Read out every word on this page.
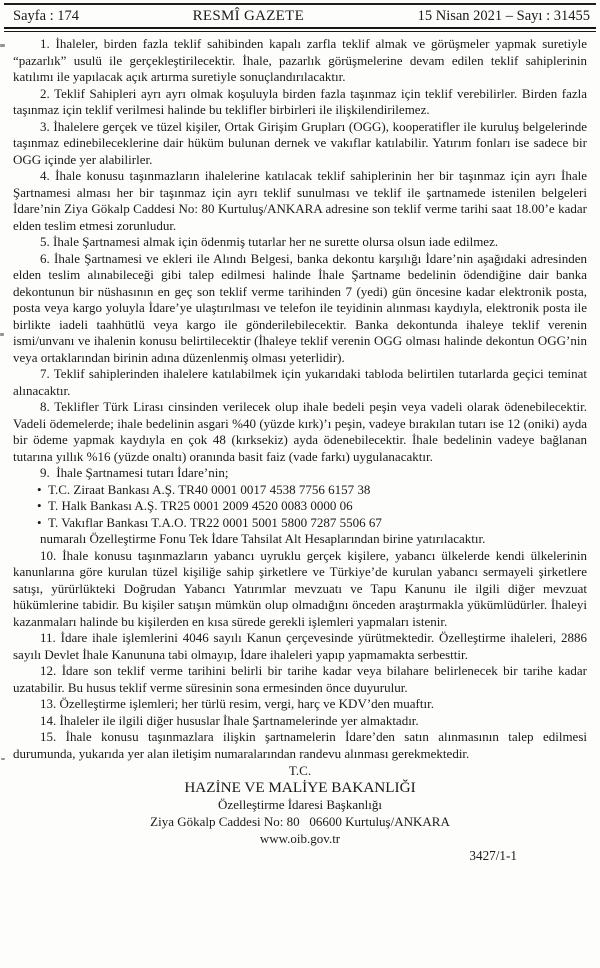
Sayfa : 174	RESMÎ GAZETE	15 Nisan 2021 – Sayı : 31455

1. İhaleler, birden fazla teklif sahibinden kapalı zarfla teklif almak ve görüşmeler yapmak suretiyle “pazarlık” usulü ile gerçekleştirilecektir. İhale, pazarlık görüşmelerine devam edilen teklif sahiplerinin katılımı ile yapılacak açık artırma suretiyle sonuçlandırılacaktır.

2. Teklif Sahipleri ayrı ayrı olmak koşuluyla birden fazla taşınmaz için teklif verebilirler. Birden fazla taşınmaz için teklif verilmesi halinde bu teklifler birbirleri ile ilişkilendirilemez.

3. İhalelere gerçek ve tüzel kişiler, Ortak Girişim Grupları (OGG), kooperatifler ile kuruluş belgelerinde taşınmaz edinebileceklerine dair hüküm bulunan dernek ve vakıflar katılabilir. Yatırım fonları ise sadece bir OGG içinde yer alabilirler.

4. İhale konusu taşınmazların ihalelerine katılacak teklif sahiplerinin her bir taşınmaz için ayrı İhale Şartnamesi alması her bir taşınmaz için ayrı teklif sunulması ve teklif ile şartnamede istenilen belgeleri İdare’nin Ziya Gökalp Caddesi No: 80 Kurtuluş/ANKARA adresine son teklif verme tarihi saat 18.00’e kadar elden teslim etmesi zorunludur.

5. İhale Şartnamesi almak için ödenmiş tutarlar her ne surette olursa olsun iade edilmez.

6. İhale Şartnamesi ve ekleri ile Alındı Belgesi, banka dekontu karşılığı İdare’nin aşağıdaki adresinden elden teslim alınabileceği gibi talep edilmesi halinde İhale Şartname bedelinin ödendiğine dair banka dekontunun bir nüshasının en geç son teklif verme tarihinden 7 (yedi) gün öncesine kadar elektronik posta, posta veya kargo yoluyla İdare’ye ulaştırılması ve telefon ile teyidinin alınması kaydıyla, elektronik posta ile birlikte iadeli taahhütlü veya kargo ile gönderilebilecektir. Banka dekontunda ihaleye teklif verenin ismi/unvanı ve ihalenin konusu belirtilecektir (İhaleye teklif verenin OGG olması halinde dekontun OGG’nin veya ortaklarından birinin adına düzenlenmiş olması yeterlidir).

7. Teklif sahiplerinden ihalelere katılabilmek için yukarıdaki tabloda belirtilen tutarlarda geçici teminat alınacaktır.

8. Teklifler Türk Lirası cinsinden verilecek olup ihale bedeli peşin veya vadeli olarak ödenebilecektir. Vadeli ödemelerde; ihale bedelinin asgari %40 (yüzde kırk)’ı peşin, vadeye bırakılan tutarı ise 12 (oniki) ayda bir ödeme yapmak kaydıyla en çok 48 (kırksekiz) ayda ödenebilecektir. İhale bedelinin vadeye bağlanan tutarına yıllık %16 (yüzde onaltı) oranında basit faiz (vade farkı) uygulanacaktır.

9.  İhale Şartnamesi tutarı İdare’nin;

• T.C. Ziraat Bankası A.Ş. TR40 0001 0017 4538 7756 6157 38

• T. Halk Bankası A.Ş. TR25 0001 2009 4520 0083 0000 06

• T. Vakıflar Bankası T.A.O. TR22 0001 5001 5800 7287 5506 67

numaralı Özelleştirme Fonu Tek İdare Tahsilat Alt Hesaplarından birine yatırılacaktır.

10. İhale konusu taşınmazların yabancı uyruklu gerçek kişilere, yabancı ülkelerde kendi ülkelerinin kanunlarına göre kurulan tüzel kişiliğe sahip şirketlere ve Türkiye’de kurulan yabancı sermayeli şirketlere satışı, yürürlükteki Doğrudan Yabancı Yatırımlar mevzuatı ve Tapu Kanunu ile ilgili diğer mevzuat hükümlerine tabidir. Bu kişiler satışın mümkün olup olmadığını önceden araştırmakla yükümlüdürler. İhaleyi kazanmaları halinde bu kişilerden en kısa sürede gerekli işlemleri yapmaları istenir.

11. İdare ihale işlemlerini 4046 sayılı Kanun çerçevesinde yürütmektedir. Özelleştirme ihaleleri, 2886 sayılı Devlet İhale Kanununa tabi olmayıp, İdare ihaleleri yapıp yapmamakta serbesttir.

12. İdare son teklif verme tarihini belirli bir tarihe kadar veya bilahare belirlenecek bir tarihe kadar uzatabilir. Bu husus teklif verme süresinin sona ermesinden önce duyurulur.

13. Özelleştirme işlemleri; her türlü resim, vergi, harç ve KDV’den muaftır.

14. İhaleler ile ilgili diğer hususlar İhale Şartnamelerinde yer almaktadır.

15. İhale konusu taşınmazlara ilişkin şartnamelerin İdare’den satın alınmasının talep edilmesi durumunda, yukarıda yer alan iletişim numaralarından randevu alınması gerekmektedir.

T.C.

HAZİNE VE MALİYE BAKANLIĞI

Özelleştirme İdaresi Başkanlığı

Ziya Gökalp Caddesi No: 80   06600 Kurtuluş/ANKARA

www.oib.gov.tr

3427/1-1
